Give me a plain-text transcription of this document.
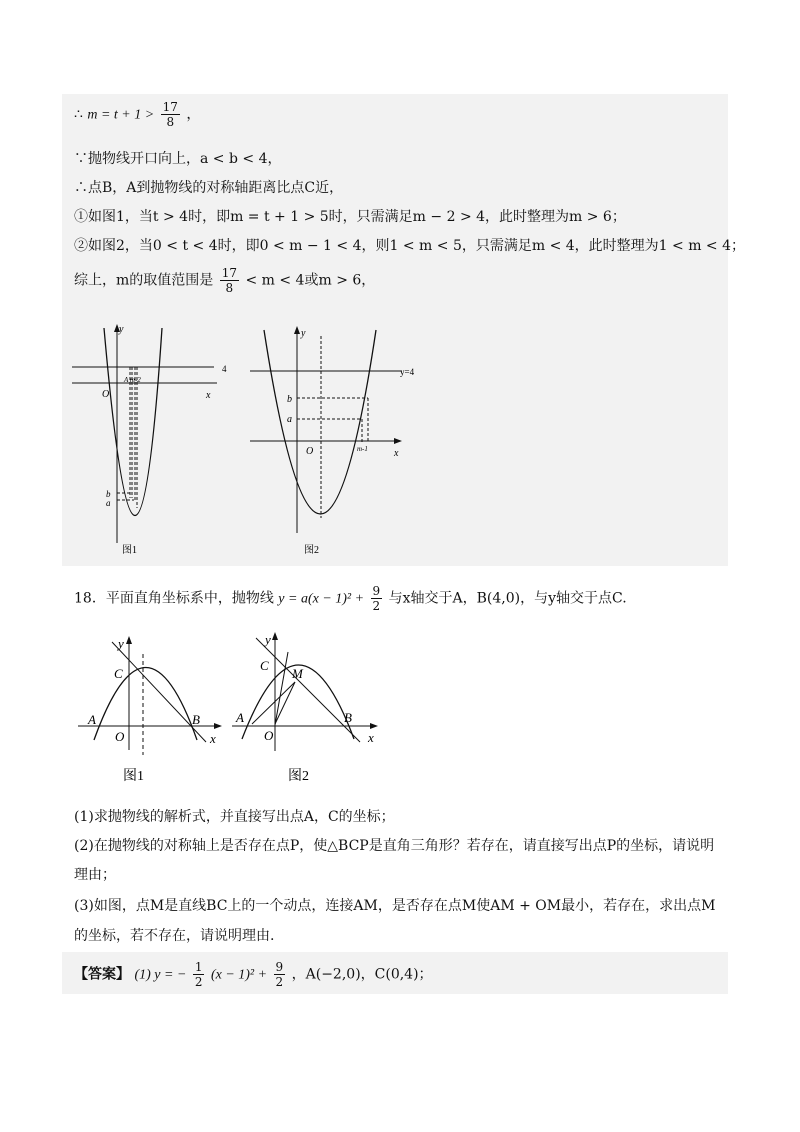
∴ $m = t + 1 > \frac{17}{8}$ ，
∵抛物线开口向上，a < b < 4，
∴点B，A到抛物线的对称轴距离比点C近，
①如图1，当t > 4时，即m = t + 1 > 5时，只需满足m − 2 > 4，此时整理为m > 6；
②如图2，当0 < t < 4时，即0 < m − 1 < 4，则1 < m < 5，只需满足m < 4，此时整理为1 < m < 4；
综上，m的取值范围是 $\frac{17}{8} < m < 4$或m > 6，
y
4
x
O
A m-2
b
a
图1
y
y=4
b
a
O	x
m-1
图2
18．平面直角坐标系中，抛物线 $y = a(x - 1)^2 + \frac{9}{2}$ 与x轴交于A，B(4,0)，与y轴交于点C.
y
C
A	B
O	x
图1
y
C
M
A	B
O	x
图2
(1)求抛物线的解析式，并直接写出点A，C的坐标；
(2)在抛物线的对称轴上是否存在点P，使△BCP是直角三角形？若存在，请直接写出点P的坐标，请说明
理由；
(3)如图，点M是直线BC上的一个动点，连接AM，是否存在点M使AM + OM最小，若存在，求出点M
的坐标，若不存在，请说明理由.
【答案】 (1) y = − $\frac{1}{2} (x - 1)^2 + \frac{9}{2}$ ，A(−2,0)，C(0,4)；
